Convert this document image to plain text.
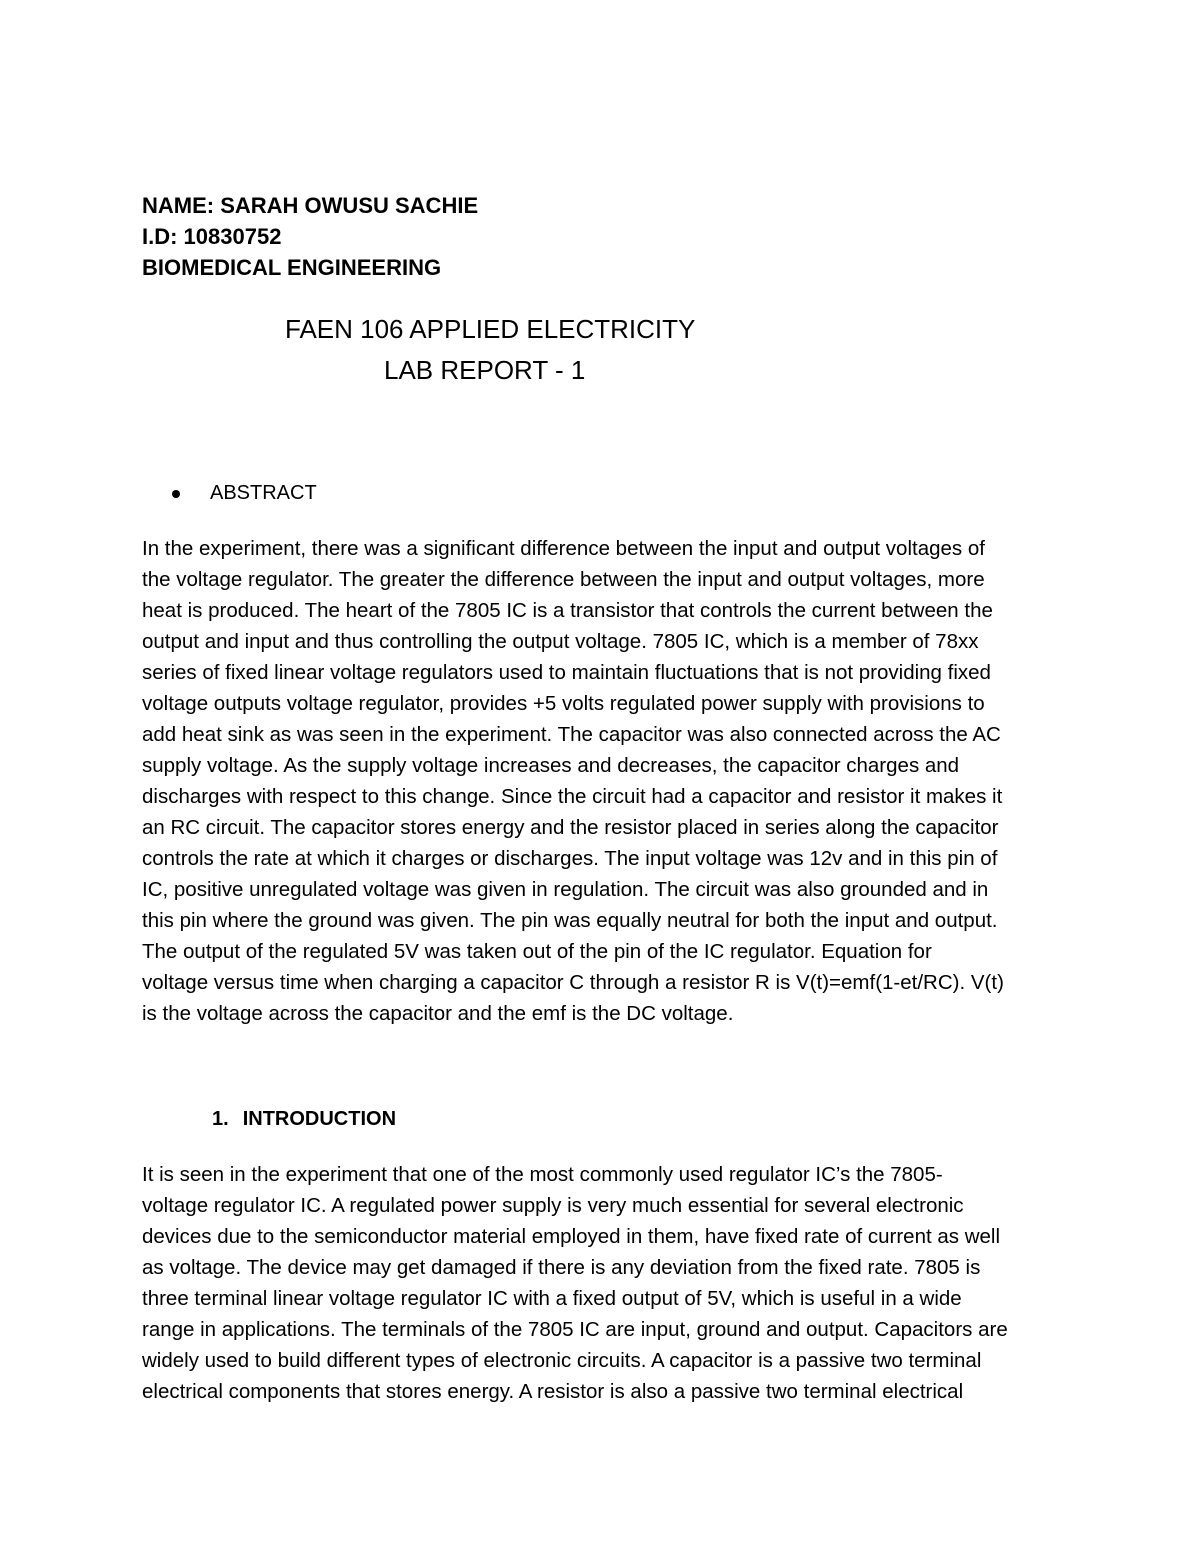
NAME: SARAH OWUSU SACHIE
I.D: 10830752
BIOMEDICAL ENGINEERING
FAEN 106 APPLIED ELECTRICITY
LAB REPORT - 1
ABSTRACT
In the experiment, there was a significant difference between the input and output voltages of
the voltage regulator. The greater the difference between the input and output voltages, more
heat is produced. The heart of the 7805 IC is a transistor that controls the current between the
output and input and thus controlling the output voltage. 7805 IC, which is a member of 78xx
series of fixed linear voltage regulators used to maintain fluctuations that is not providing fixed
voltage outputs voltage regulator, provides +5 volts regulated power supply with provisions to
add heat sink as was seen in the experiment. The capacitor was also connected across the AC
supply voltage. As the supply voltage increases and decreases, the capacitor charges and
discharges with respect to this change. Since the circuit had a capacitor and resistor it makes it
an RC circuit. The capacitor stores energy and the resistor placed in series along the capacitor
controls the rate at which it charges or discharges. The input voltage was 12v and in this pin of
IC, positive unregulated voltage was given in regulation. The circuit was also grounded and in
this pin where the ground was given. The pin was equally neutral for both the input and output.
The output of the regulated 5V was taken out of the pin of the IC regulator. Equation for
voltage versus time when charging a capacitor C through a resistor R is V(t)=emf(1-et/RC). V(t)
is the voltage across the capacitor and the emf is the DC voltage.
1. INTRODUCTION
It is seen in the experiment that one of the most commonly used regulator IC’s the 7805-
voltage regulator IC. A regulated power supply is very much essential for several electronic
devices due to the semiconductor material employed in them, have fixed rate of current as well
as voltage. The device may get damaged if there is any deviation from the fixed rate. 7805 is
three terminal linear voltage regulator IC with a fixed output of 5V, which is useful in a wide
range in applications. The terminals of the 7805 IC are input, ground and output. Capacitors are
widely used to build different types of electronic circuits. A capacitor is a passive two terminal
electrical components that stores energy. A resistor is also a passive two terminal electrical
